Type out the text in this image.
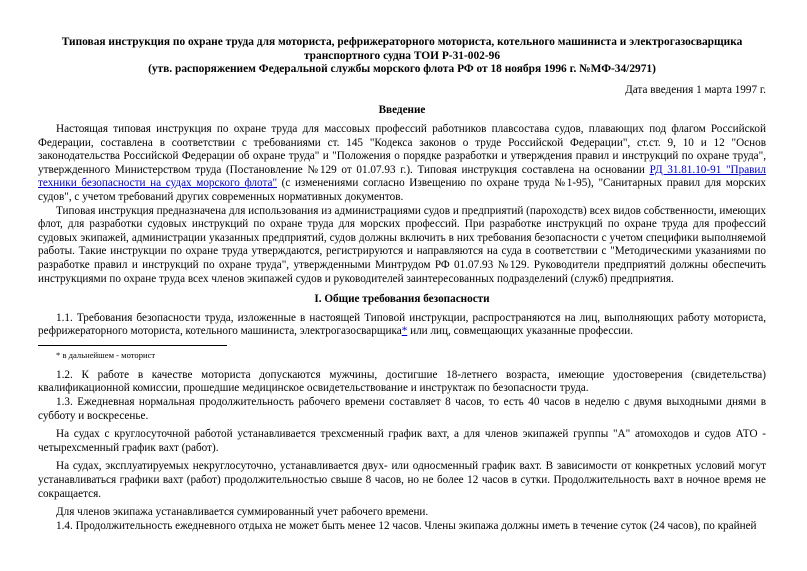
Типовая инструкция по охране труда для моториста, рефрижераторного моториста, котельного машиниста и электрогазосварщика
транспортного судна ТОИ Р-31-002-96
(утв. распоряжением Федеральной службы морского флота РФ от 18 ноября 1996 г. №МФ-34/2971)
Дата введения 1 марта 1997 г.
Введение

Настоящая типовая инструкция по охране труда для массовых профессий работников плавсостава судов, плавающих под флагом Российской Федерации, составлена в соответствии с требованиями ст. 145 "Кодекса законов о труде Российской Федерации", ст.ст. 9, 10 и 12 "Основ законодательства Российской Федерации об охране труда" и "Положения о порядке разработки и утверждения правил и инструкций по охране труда", утвержденного Министерством труда (Постановление №129 от 01.07.93 г.). Типовая инструкция составлена на основании РД 31.81.10-91 "Правил техники безопасности на судах морского флота" (с изменениями согласно Извещению по охране труда №1-95), "Санитарных правил для морских судов", с учетом требований других современных нормативных документов.

Типовая инструкция предназначена для использования из администрациями судов и предприятий (пароходств) всех видов собственности, имеющих флот, для разработки судовых инструкций по охране труда для морских профессий. При разработке инструкций по охране труда для профессий судовых экипажей, администрации указанных предприятий, судов должны включить в них требования безопасности с учетом специфики выполняемой работы. Такие инструкции по охране труда утверждаются, регистрируются и направляются на суда в соответствии с "Методическими указаниями по разработке правил и инструкций по охране труда", утвержденными Минтрудом РФ 01.07.93 №129. Руководители предприятий должны обеспечить инструкциями по охране труда всех членов экипажей судов и руководителей заинтересованных подразделений (служб) предприятия.

I. Общие требования безопасности

1.1. Требования безопасности труда, изложенные в настоящей Типовой инструкции, распространяются на лиц, выполняющих работу моториста, рефрижераторного моториста, котельного машиниста, электрогазосварщика* или лиц, совмещающих указанные профессии.

* в дальнейшем - моторист

1.2. К работе в качестве моториста допускаются мужчины, достигшие 18-летнего возраста, имеющие удостоверения (свидетельства) квалификационной комиссии, прошедшие медицинское освидетельствование и инструктаж по безопасности труда.

1.3. Ежедневная нормальная продолжительность рабочего времени составляет 8 часов, то есть 40 часов в неделю с двумя выходными днями в субботу и воскресенье.

На судах с круглосуточной работой устанавливается трехсменный график вахт, а для членов экипажей группы "А" атомоходов и судов АТО - четырехсменный график вахт (работ).

На судах, эксплуатируемых некруглосуточно, устанавливается двух- или односменный график вахт. В зависимости от конкретных условий могут устанавливаться графики вахт (работ) продолжительностью свыше 8 часов, но не более 12 часов в сутки. Продолжительность вахт в ночное время не сокращается.

Для членов экипажа устанавливается суммированный учет рабочего времени.

1.4. Продолжительность ежедневного отдыха не может быть менее 12 часов. Члены экипажа должны иметь в течение суток (24 часов), по крайней
